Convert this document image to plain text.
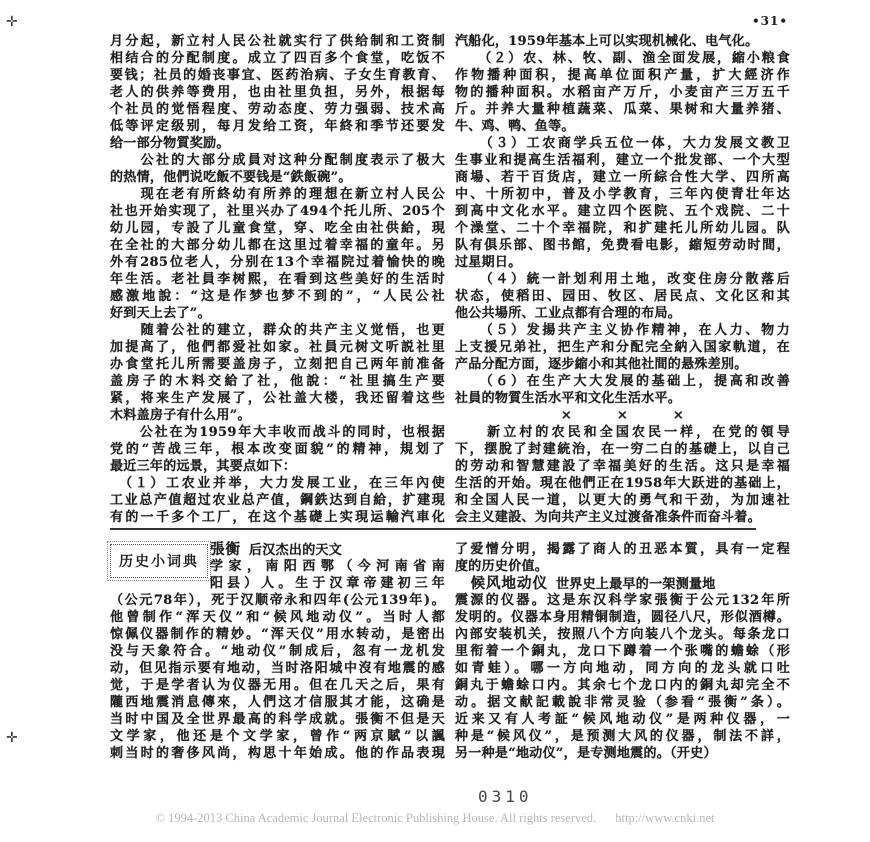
✛
✛
•31•
月分起，新立村人民公社就实行了供给制和工资制
相结合的分配制度。成立了四百多个食堂，吃饭不
要钱；社员的婚丧事宜、医药治病、子女生育教育、
老人的供养等费用，也由社里负担，另外，根据每
个社员的觉悟程度、劳动态度、劳力强弱、技术高
低等评定级别，每月发给工资，年終和季节还要发
给一部分物質奖励。
　　公社的大部分成員对这种分配制度表示了极大
的热情，他們说吃飯不要钱是“鉄飯碗”。
　　现在老有所終幼有所养的理想在新立村人民公
社也开始实现了，社里兴办了494个托儿所、205个
幼儿园，专設了儿童食堂，穿、吃全由社供給，現
在全社的大部分幼儿都在这里过着幸福的童年。另
外有285位老人，分别在13个幸福院过着愉快的晚
年生活。老社員李树熙，在看到这些美好的生活时
感激地說：“这是作梦也梦不到的”，“人民公社
好到天上去了”。
　　随着公社的建立，群众的共产主义觉悟，也更
加提高了，他們都爱社如家。社員元树文听説社里
办食堂托儿所需要盖房子，立刻把自己两年前准备
盖房子的木料交給了社，他說：“社里搞生产要
紧，将来生产发展了，公社盖大楼，我还留着这些
木料盖房子有什么用”。
　　公社在为1959年大丰收而战斗的同时，也根据
党的“苦战三年，根本改变面貌”的精神，規划了
最近三年的远景，其要点如下：
　（１）工农业并举，大力发展工业，在三年內使
工业总产值超过农业总产值，鋼鉄达到自給，扩建現
有的一千多个工厂，在这个基礎上实現运輸汽車化
汽船化，1959年基本上可以实现机械化、电气化。
　　（２）农、林、牧、副、渔全面发展，縮小粮食
作物播种面积，提高单位面积产量，扩大經济作
物的播种面积。水稻亩产万斤，小麦亩产三万五千
斤。并养大量种植蔬菜、瓜菜、果树和大量养猪、
牛、鸡、鸭、鱼等。
　　（３）工农商学兵五位一体，大力发展文教卫
生事业和提高生活福利，建立一个批发部、一个大型
商場、若干百货店，建立一所綜合性大学、四所高
中、十所初中，普及小学教育，三年內使青壮年达
到高中文化水平。建立四个医院、五个戏院、二十
个澡堂、二十个幸福院，和扩建托儿所幼儿园。队
队有俱乐部、图书館，免费看电影，縮短劳动时間，
过星期日。
　　（４）統一計划利用土地，改变住房分散落后
状态，使稻田、园田、牧区、居民点、文化区和其
他公共場所、工业点都有合理的布局。
　　（５）发揚共产主义协作精神，在人力、物力
上支援兄弟社，把生产和分配完全納入国家軌道，在
产品分配方面，逐步縮小和其他社間的悬殊差別。
　　（６）在生产大大发展的基础上，提高和改善
社員的物質生活水平和文化生活水平。
× × ×
　　新立村的农民和全国农民一样，在党的領导
下，摆脫了封建統治，在一穷二白的基礎上，以自己
的劳动和智慧建設了幸福美好的生活。这只是幸福
生活的开始。現在他們正在1958年大跃进的基础上，
和全国人民一道，以更大的勇气和干劲，为加速社
会主义建設、为向共产主义过渡备准条件而奋斗着。
历史小词典
張衡 后汉杰出的天文
学家，南阳西鄂（今河南省南
阳县）人。生于汉章帝建初三年
（公元78年），死于汉顺帝永和四年(公元139年)。
他曾制作“浑天仪”和“候风地动仪”。当时人都
惊佩仪器制作的精妙。“浑天仪”用水转动，是密出
没与天象符合。“地动仪”制成后，忽有一龙机发
动，但见指示要有地动，当时洛阳城中沒有地震的感
觉，于是学者认为仪器无用。但在几天之后，果有
隴西地震消息傳來，人們这才信服其才能，这确是
当时中国及全世界最高的科学成就。張衡不但是天
文学家，他还是个文学家，曾作“两京賦”以諷
刺当时的奢侈风尚，构思十年始成。他的作品表現
了爱憎分明，揭露了商人的丑恶本質，具有一定程
度的历史价值。
　候风地动仪 世界史上最早的一架测量地
震源的仪器。这是东汉科学家張衡于公元132年所
发明的。仪器本身用精铜制造，圆径八尺，形似酒樽。
內部安装机关，按照八个方向装八个龙头。每条龙口
里衔着一个銅丸，龙口下蹲着一个张嘴的蟾蜍（形
如青蛙）。哪一方向地动，同方向的龙头就口吐
銅丸于蟾蜍口内。其余七个龙口内的銅丸却完全不
动。据文献記載說非常灵验（参看“張衡”条）。
近来又有人考証“候风地动仪”是两种仪器，一
种是“候风仪”，是预测大风的仪器，制法不詳，
另一种是“地动仪”，是专测地震的。（开史）
0310
© 1994-2013 China Academic Journal Electronic Publishing House. All rights reserved. http://www.cnki.net
